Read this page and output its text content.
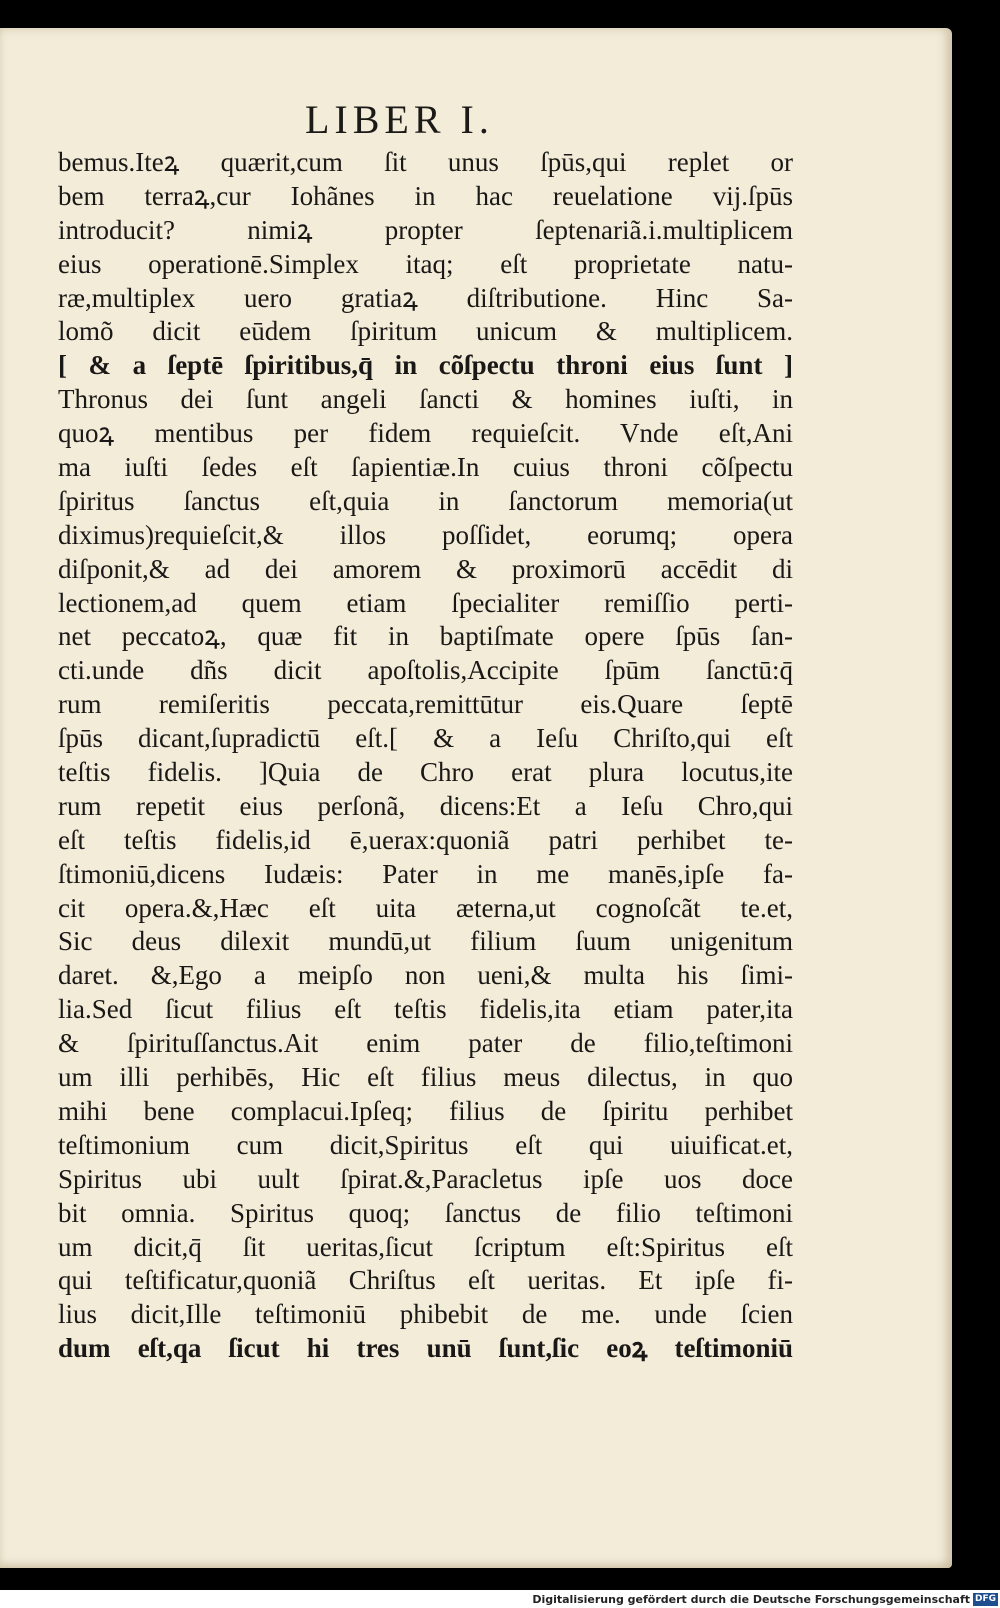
LIBER I.
bemus.Iteꝝ quærit,cum ſit unus ſpūs,qui replet or
bem terraꝝ,cur Iohãnes in hac reuelatione vij.ſpūs
introducit? nimiꝝ propter ſeptenariã.i.multiplicem
eius operationē.Simplex itaq; eſt proprietate natu-
ræ,multiplex uero gratiaꝝ diſtributione. Hinc Sa-
lomõ dicit eūdem ſpiritum unicum & multiplicem.
[ & a ſeptē ſpiritibus,q̄ in cõſpectu throni eius ſunt ]
Thronus dei ſunt angeli ſancti & homines iuſti, in
quoꝝ mentibus per fidem requieſcit. Vnde eſt,Ani
ma iuſti ſedes eſt ſapientiæ.In cuius throni cõſpectu
ſpiritus ſanctus eſt,quia in ſanctorum memoria(ut
diximus)requieſcit,& illos poſſidet, eorumq; opera
diſponit,& ad dei amorem & proximorū accēdit di
lectionem,ad quem etiam ſpecialiter remiſſio perti-
net peccatoꝝ, quæ fit in baptiſmate opere ſpūs ſan-
cti.unde dñs dicit apoſtolis,Accipite ſpūm ſanctū:q̄
rum remiſeritis peccata,remittūtur eis.Quare ſeptē
ſpūs dicant,ſupradictū eſt.[ & a Ieſu Chriſto,qui eſt
teſtis fidelis. ]Quia de Chro erat plura locutus,ite
rum repetit eius perſonã, dicens:Et a Ieſu Chro,qui
eſt teſtis fidelis,id ē,uerax:quoniã patri perhibet te-
ſtimoniū,dicens Iudæis: Pater in me manēs,ipſe fa-
cit opera.&,Hæc eſt uita æterna,ut cognoſcãt te.et,
Sic deus dilexit mundū,ut filium ſuum unigenitum
daret. &,Ego a meipſo non ueni,& multa his ſimi-
lia.Sed ſicut filius eſt teſtis fidelis,ita etiam pater,ita
& ſpirituſſanctus.Ait enim pater de filio,teſtimoni
um illi perhibēs, Hic eſt filius meus dilectus, in quo
mihi bene complacui.Ipſeq; filius de ſpiritu perhibet
teſtimonium cum dicit,Spiritus eſt qui uiuificat.et,
Spiritus ubi uult ſpirat.&,Paracletus ipſe uos doce
bit omnia. Spiritus quoq; ſanctus de filio teſtimoni
um dicit,q̄ ſit ueritas,ſicut ſcriptum eſt:Spiritus eſt
qui teſtificatur,quoniã Chriſtus eſt ueritas. Et ipſe fi-
lius dicit,Ille teſtimoniū phibebit de me. unde ſcien
dum eſt,qa ſicut hi tres unū ſunt,ſic eoꝝ teſtimoniū
Digitalisierung gefördert durch die Deutsche Forschungsgemeinschaft DFG
